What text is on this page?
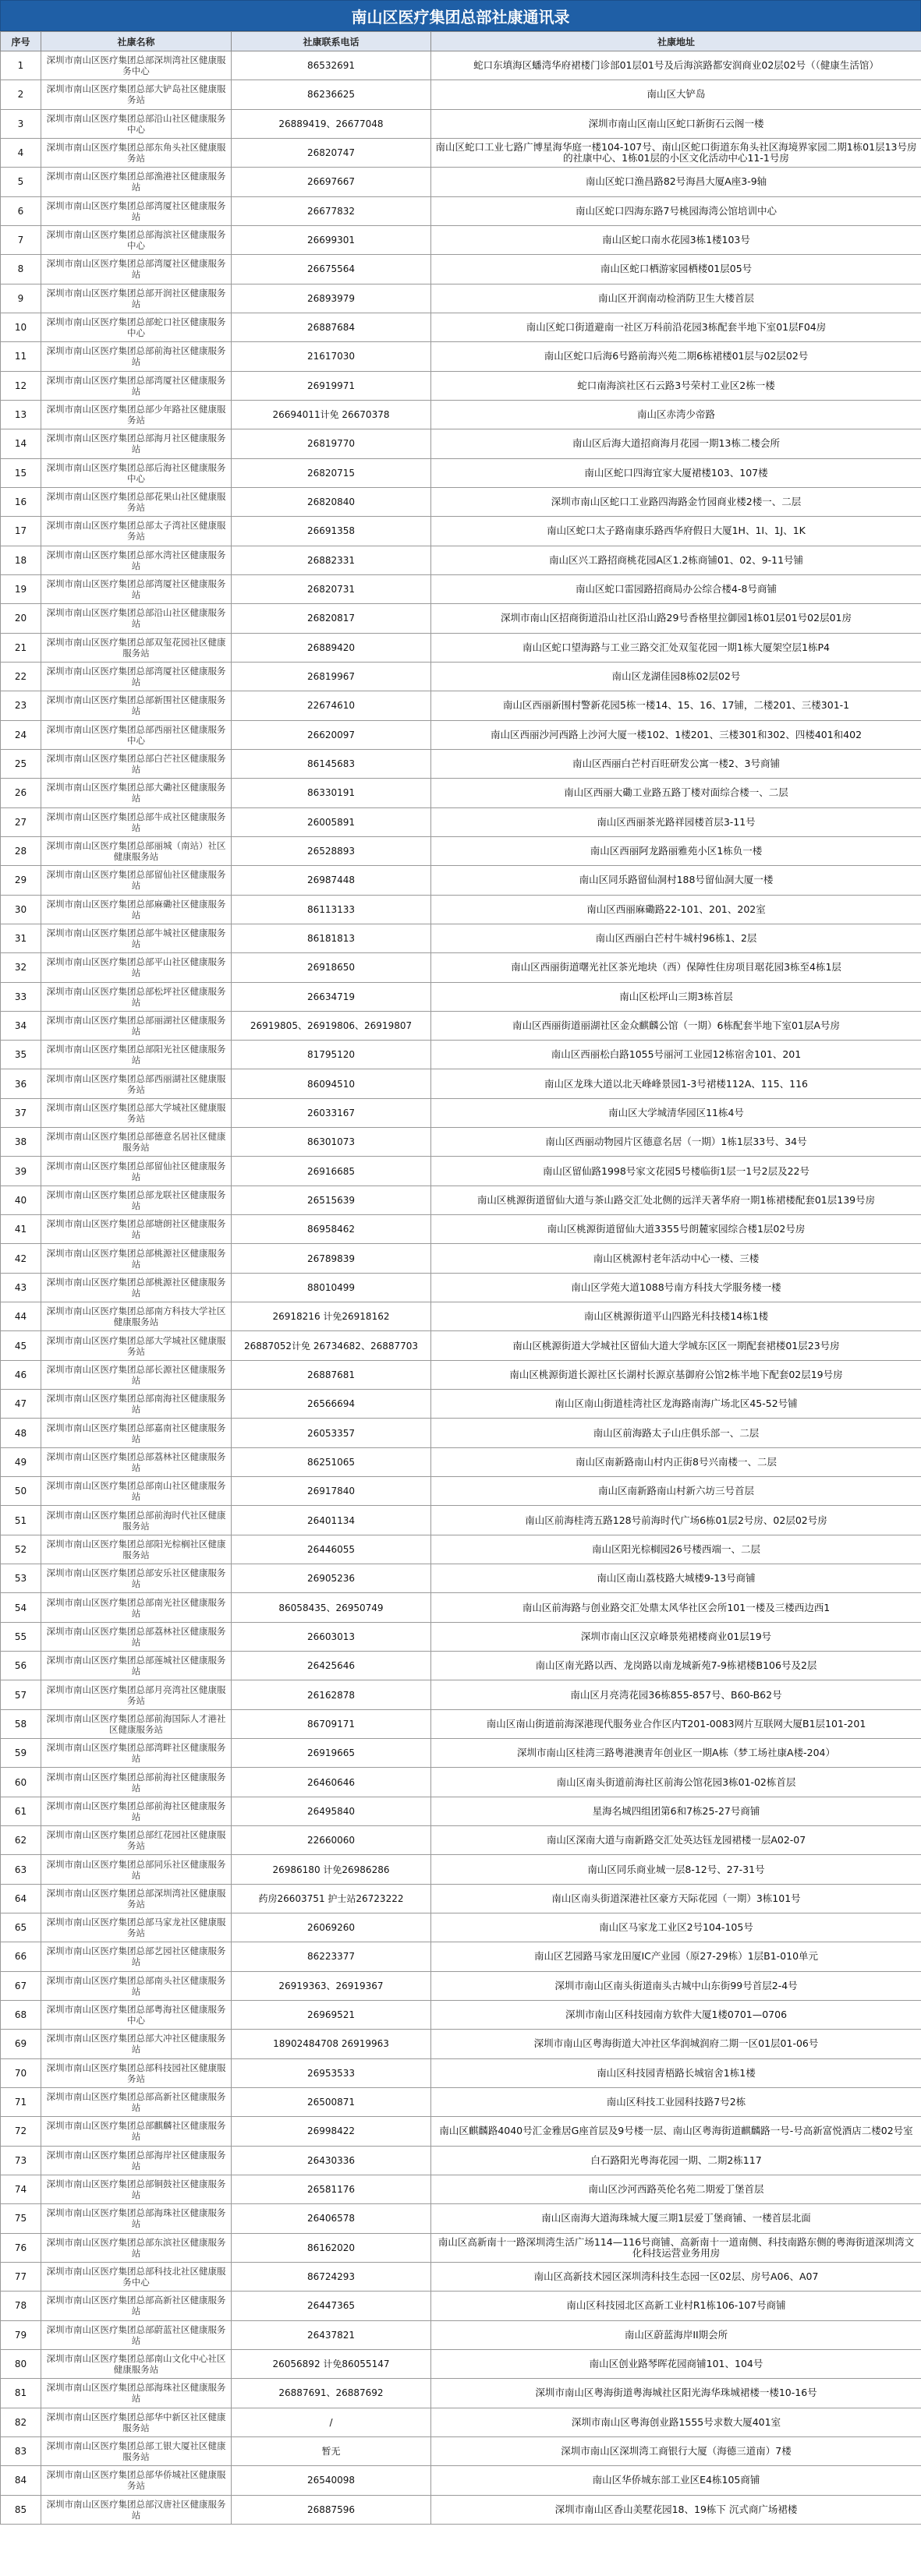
南山区医疗集团总部社康通讯录
序号	社康名称	社康联系电话	社康地址
1	深圳市南山区医疗集团总部深圳湾社区健康服务中心	86532691	蛇口东填海区蟠湾华府裙楼门诊部01层01号及后海滨路都安润商业02层02号（（健康生活馆）
2	深圳市南山区医疗集团总部大铲岛社区健康服务站	86236625	南山区大铲岛
3	深圳市南山区医疗集团总部沿山社区健康服务中心	26889419、26677048	深圳市南山区南山区蛇口新街石云阁一楼
4	深圳市南山区医疗集团总部东角头社区健康服务站	26820747	南山区蛇口工业七路广博星海华庭一楼104-107号、南山区蛇口街道东角头社区海境界家园二期1栋01层13号房的社康中心、1栋01层的小区文化活动中心11-1号房
5	深圳市南山区医疗集团总部渔港社区健康服务站	26697667	南山区蛇口渔昌路82号海昌大厦A座3-9轴
6	深圳市南山区医疗集团总部湾厦社区健康服务站	26677832	南山区蛇口四海东路7号桃园海湾公馆培训中心
7	深圳市南山区医疗集团总部海滨社区健康服务中心	26699301	南山区蛇口南水花园3栋1楼103号
8	深圳市南山区医疗集团总部湾厦社区健康服务站	26675564	南山区蛇口栖游家园栖楼01层05号
9	深圳市南山区医疗集团总部开润社区健康服务站	26893979	南山区开润南动检消防卫生大楼首层
10	深圳市南山区医疗集团总部蛇口社区健康服务中心	26887684	南山区蛇口街道避南一社区万科前沿花园3栋配套半地下室01层F04房
11	深圳市南山区医疗集团总部前海社区健康服务站	21617030	南山区蛇口后海6号路前海兴苑二期6栋裙楼01层与02层02号
12	深圳市南山区医疗集团总部湾厦社区健康服务站	26919971	蛇口南海滨社区石云路3号荣村工业区2栋一楼
13	深圳市南山区医疗集团总部少年路社区健康服务站	26694011计免 26670378	南山区赤湾少帝路
14	深圳市南山区医疗集团总部海月社区健康服务站	26819770	南山区后海大道招商海月花园一期13栋二楼会所
15	深圳市南山区医疗集团总部后海社区健康服务中心	26820715	南山区蛇口四海宜家大厦裙楼103、107楼
16	深圳市南山区医疗集团总部花果山社区健康服务站	26820840	深圳市南山区蛇口工业路四海路金竹园商业楼2楼一、二层
17	深圳市南山区医疗集团总部太子湾社区健康服务站	26691358	南山区蛇口太子路南康乐路西华府假日大厦1H、1I、1J、1K
18	深圳市南山区医疗集团总部水湾社区健康服务站	26882331	南山区兴工路招商桃花园A区1.2栋商铺01、02、9-11号铺
19	深圳市南山区医疗集团总部湾厦社区健康服务站	26820731	南山区蛇口雷园路招商局办公综合楼4-8号商铺
20	深圳市南山区医疗集团总部沿山社区健康服务站	26820817	深圳市南山区招商街道沿山社区沿山路29号香格里拉御园1栋01层01号02层01房
21	深圳市南山区医疗集团总部双玺花园社区健康服务站	26889420	南山区蛇口望海路与工业三路交汇处双玺花园一期1栋大厦架空层1栋P4
22	深圳市南山区医疗集团总部湾厦社区健康服务站	26819967	南山区龙湖佳园8栋02层02号
23	深圳市南山区医疗集团总部新围社区健康服务站	22674610	南山区西丽新围村警新花园5栋一楼14、15、16、17铺，二楼201、三楼301-1
24	深圳市南山区医疗集团总部西丽社区健康服务中心	26620097	南山区西丽沙河西路上沙河大厦一楼102、1楼201、三楼301和302、四楼401和402
25	深圳市南山区医疗集团总部白芒社区健康服务站	86145683	南山区西丽白芒村百旺研发公寓一楼2、3号商铺
26	深圳市南山区医疗集团总部大磡社区健康服务站	86330191	南山区西丽大磡工业路五路丁楼对面综合楼一、二层
27	深圳市南山区医疗集团总部牛成社区健康服务站	26005891	南山区西丽茶光路祥园楼首层3-11号
28	深圳市南山区医疗集团总部丽城（南站）社区健康服务站	26528893	南山区西丽阿龙路丽雅苑小区1栋负一楼
29	深圳市南山区医疗集团总部留仙社区健康服务站	26987448	南山区同乐路留仙洞村188号留仙洞大厦一楼
30	深圳市南山区医疗集团总部麻磡社区健康服务站	86113133	南山区西丽麻磡路22-101、201、202室
31	深圳市南山区医疗集团总部牛城社区健康服务站	86181813	南山区西丽白芒村牛城村96栋1、2层
32	深圳市南山区医疗集团总部平山社区健康服务站	26918650	南山区西丽街道曙光社区茶光地块（西）保障性住房项目琚花园3栋至4栋1层
33	深圳市南山区医疗集团总部松坪社区健康服务站	26634719	南山区松坪山三期3栋首层
34	深圳市南山区医疗集团总部丽湖社区健康服务站	26919805、26919806、26919807	南山区西丽街道丽湖社区金众麒麟公馆（一期）6栋配套半地下室01层A号房
35	深圳市南山区医疗集团总部阳光社区健康服务站	81795120	南山区西丽松白路1055号丽河工业园12栋宿舍101、201
36	深圳市南山区医疗集团总部西丽湖社区健康服务站	86094510	南山区龙珠大道以北天峰峰景园1-3号裙楼112A、115、116
37	深圳市南山区医疗集团总部大学城社区健康服务站	26033167	南山区大学城清华园区11栋4号
38	深圳市南山区医疗集团总部德意名居社区健康服务站	86301073	南山区西丽动物园片区德意名居（一期）1栋1层33号、34号
39	深圳市南山区医疗集团总部留仙社区健康服务站	26916685	南山区留仙路1998号家文花园5号楼临街1层一1号2层及22号
40	深圳市南山区医疗集团总部龙联社区健康服务站	26515639	南山区桃源街道留仙大道与茶山路交汇处北侧的远洋天著华府一期1栋裙楼配套01层139号房
41	深圳市南山区医疗集团总部塘朗社区健康服务站	86958462	南山区桃源街道留仙大道3355号朗麓家园综合楼1层02号房
42	深圳市南山区医疗集团总部桃源社区健康服务站	26789839	南山区桃源村老年活动中心一楼、三楼
43	深圳市南山区医疗集团总部桃源社区健康服务站	88010499	南山区学苑大道1088号南方科技大学服务楼一楼
44	深圳市南山区医疗集团总部南方科技大学社区健康服务站	26918216 计免26918162	南山区桃源街道平山四路光科技楼14栋1楼
45	深圳市南山区医疗集团总部大学城社区健康服务站	26887052计免 26734682、26887703	南山区桃源街道大学城社区留仙大道大学城东区区一期配套裙楼01层23号房
46	深圳市南山区医疗集团总部长源社区健康服务站	26887681	南山区桃源街道长源社区长湖村长源京基御府公馆2栋半地下配套02层19号房
47	深圳市南山区医疗集团总部南海社区健康服务站	26566694	南山区南山街道桂湾社区龙海路南海广场北区45-52号铺
48	深圳市南山区医疗集团总部嘉南社区健康服务站	26053357	南山区前海路太子山庄俱乐部一、二层
49	深圳市南山区医疗集团总部荔林社区健康服务站	86251065	南山区南新路南山村内正街8号兴南楼一、二层
50	深圳市南山区医疗集团总部南山社区健康服务站	26917840	南山区南新路南山村新六坊三号首层
51	深圳市南山区医疗集团总部前海时代社区健康服务站	26401134	南山区前海桂湾五路128号前海时代广场6栋01层2号房、02层02号房
52	深圳市南山区医疗集团总部阳光棕榈社区健康服务站	26446055	南山区阳光棕榈园26号楼西端一、二层
53	深圳市南山区医疗集团总部安乐社区健康服务站	26905236	南山区南山荔枝路大城楼9-13号商铺
54	深圳市南山区医疗集团总部南光社区健康服务站	86058435、26950749	南山区前海路与创业路交汇处鼎太风华社区会所101一楼及三楼西边西1
55	深圳市南山区医疗集团总部荔林社区健康服务站	26603013	深圳市南山区汉京峰景苑裙楼商业01层19号
56	深圳市南山区医疗集团总部莲城社区健康服务站	26425646	南山区南光路以西、龙岗路以南龙城新苑7-9栋裙楼B106号及2层
57	深圳市南山区医疗集团总部月亮湾社区健康服务站	26162878	南山区月亮湾花园36栋855-857号、B60-B62号
58	深圳市南山区医疗集团总部前海国际人才港社区健康服务站	86709171	南山区南山街道前海深港现代服务业合作区内T201-0083网片互联网大厦B1层101-201
59	深圳市南山区医疗集团总部湾畔社区健康服务站	26919665	深圳市南山区桂湾三路粤港澳青年创业区一期A栋（梦工场社康A楼-204）
60	深圳市南山区医疗集团总部前海社区健康服务站	26460646	南山区南头街道前海社区前海公馆花园3栋01-02栋首层
61	深圳市南山区医疗集团总部前海社区健康服务站	26495840	星海名城四组团第6和7栋25-27号商铺
62	深圳市南山区医疗集团总部红花园社区健康服务站	22660060	南山区深南大道与南新路交汇处英达钰龙园裙楼一层A02-07
63	深圳市南山区医疗集团总部同乐社区健康服务站	26986180 计免26986286	南山区同乐商业城一层8-12号、27-31号
64	深圳市南山区医疗集团总部深圳湾社区健康服务站	药房26603751 护士站26723222	南山区南头街道深港社区豪方天际花园（一期）3栋101号
65	深圳市南山区医疗集团总部马家龙社区健康服务站	26069260	南山区马家龙工业区2号104-105号
66	深圳市南山区医疗集团总部艺园社区健康服务站	86223377	南山区艺园路马家龙田厦IC产业园（原27-29栋）1层B1-010单元
67	深圳市南山区医疗集团总部南头社区健康服务站	26919363、26919367	深圳市南山区南头街道南头古城中山东街99号首层2-4号
68	深圳市南山区医疗集团总部粤海社区健康服务中心	26969521	深圳市南山区科技园南方软件大厦1楼0701—0706
69	深圳市南山区医疗集团总部大冲社区健康服务站	18902484708 26919963	深圳市南山区粤海街道大冲社区华润城润府二期一区01层01-06号
70	深圳市南山区医疗集团总部科技园社区健康服务站	26953533	南山区科技园青梧路长城宿舍1栋1楼
71	深圳市南山区医疗集团总部高新社区健康服务站	26500871	南山区科技工业园科技路7号2栋
72	深圳市南山区医疗集团总部麒麟社区健康服务站	26998422	南山区麒麟路4040号汇金雅居G座首层及9号楼一层、南山区粤海街道麒麟路一号-号高新富悦酒店二楼02号室
73	深圳市南山区医疗集团总部海岸社区健康服务站	26430336	白石路阳光粤海花园一期、二期2栋117
74	深圳市南山区医疗集团总部铜鼓社区健康服务站	26581176	南山区沙河西路英伦名苑二期爱丁堡首层
75	深圳市南山区医疗集团总部海珠社区健康服务站	26406578	南山区南海大道海珠城大厦三期1层爱丁堡商铺、一楼首层北面
76	深圳市南山区医疗集团总部东滨社区健康服务站	86162020	南山区高新南十一路深圳湾生活广场114—116号商铺、高新南十一道南侧、科技南路东侧的粤海街道深圳湾文化科技运营业务用房
77	深圳市南山区医疗集团总部科技北社区健康服务中心	86724293	南山区高新技术园区深圳湾科技生态园一区02层、房号A06、A07
78	深圳市南山区医疗集团总部高新社区健康服务站	26447365	南山区科技园北区高新工业村R1栋106-107号商铺
79	深圳市南山区医疗集团总部蔚蓝社区健康服务站	26437821	南山区蔚蓝海岸II期会所
80	深圳市南山区医疗集团总部南山文化中心社区健康服务站	26056892 计免86055147	南山区创业路琴晖花园商铺101、104号
81	深圳市南山区医疗集团总部海珠社区健康服务站	26887691、26887692	深圳市南山区粤海街道粤海城社区阳光海华珠城裙楼一楼10-16号
82	深圳市南山区医疗集团总部华中新区社区健康服务站	/	深圳市南山区粤海创业路1555号求数大厦401室
83	深圳市南山区医疗集团总部工银大厦社区健康服务站	暂无	深圳市南山区深圳湾工商银行大厦（海德三道南）7楼
84	深圳市南山区医疗集团总部华侨城社区健康服务站	26540098	南山区华侨城东部工业区E4栋105商铺
85	深圳市南山区医疗集团总部汉唐社区健康服务站	26887596	深圳市南山区香山美墅花园18、19栋下 沉式商广场裙楼
